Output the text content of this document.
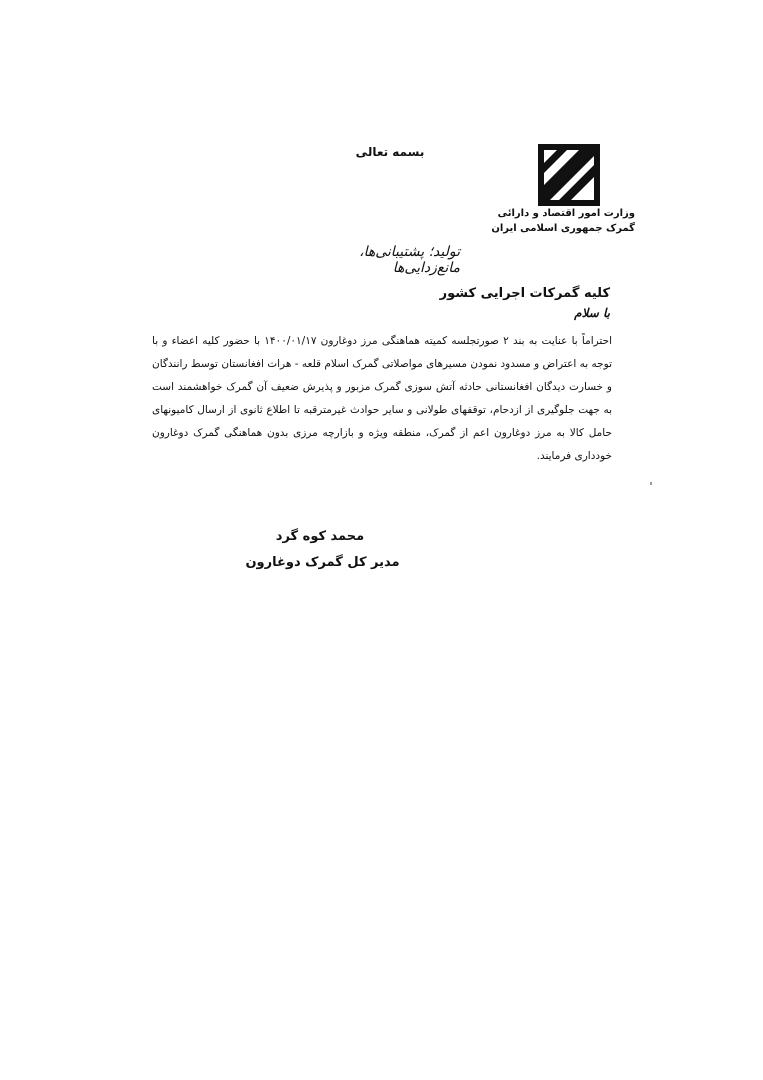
وزارت امور اقتصاد و دارائی
گمرک جمهوری اسلامی ایران
بسمه تعالی
تولید؛ پشتیبانی‌ها، مانع‌زدایی‌ها
کلیه گمرکات اجرایی کشور
با سلام
احتراماً با عنایت به بند ۲ صورتجلسه کمیته هماهنگی مرز دوغارون ۱۴۰۰/۰۱/۱۷ با حضور کلیه اعضاء و با توجه به اعتراض و مسدود نمودن مسیرهای مواصلاتی گمرک اسلام قلعه - هرات افغانستان توسط رانندگان و خسارت دیدگان افغانستانی حادثه آتش سوزی گمرک مزبور و پذیرش ضعیف آن گمرک خواهشمند است به جهت جلوگیری از ازدحام، توقفهای طولانی و سایر حوادث غیرمترقبه تا اطلاع ثانوی از ارسال کامیونهای حامل کالا به مرز دوغارون اعم از گمرک، منطقه ویژه و بازارچه مرزی بدون هماهنگی گمرک دوغارون خودداری فرمایند.
محمد کوه گرد
مدیر کل گمرک دوغارون
